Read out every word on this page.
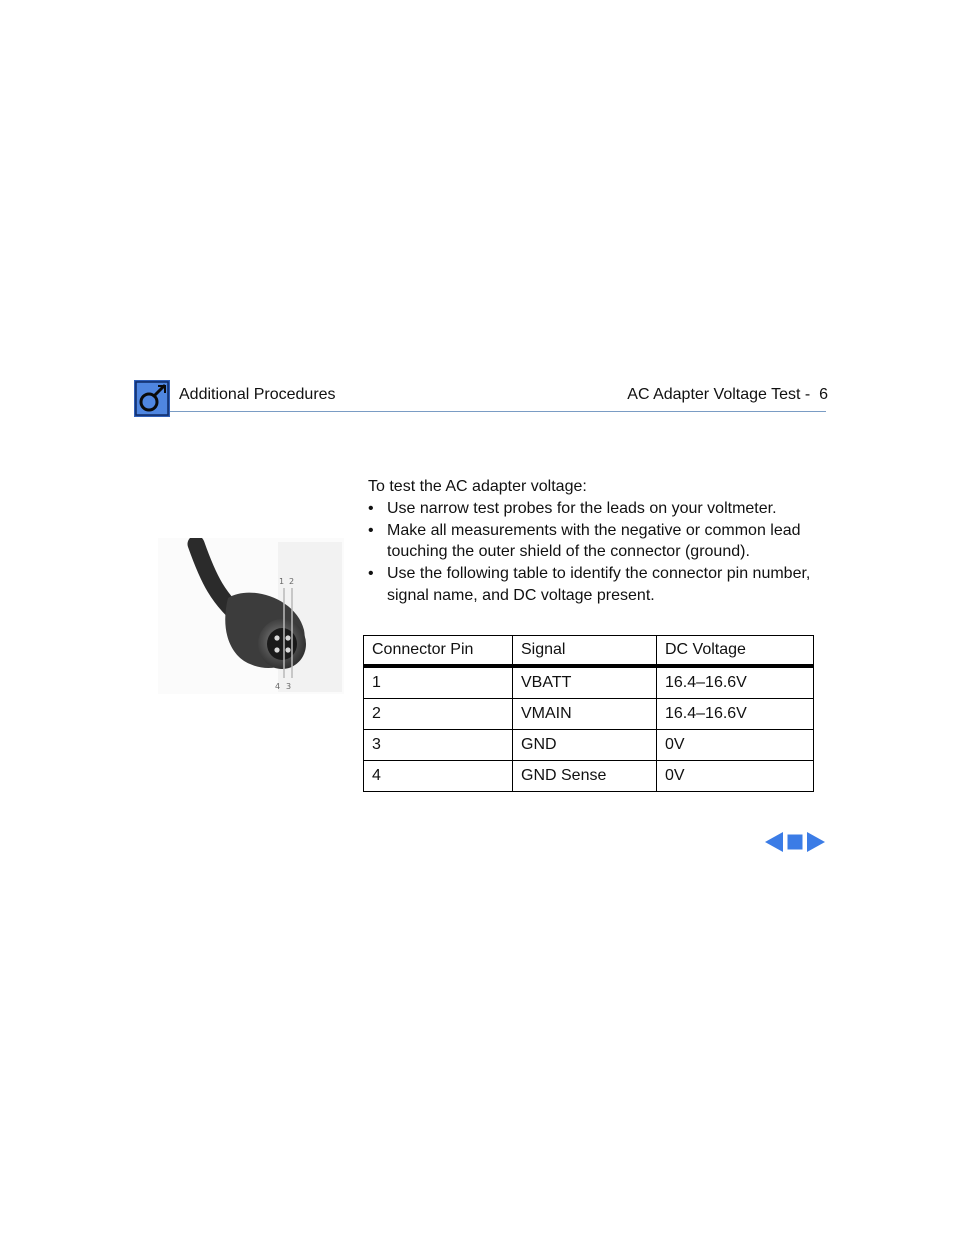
Additional Procedures	AC Adapter Voltage Test -  6
1 2
4 3

To test the AC adapter voltage:

• Use narrow test probes for the leads on your voltmeter.
• Make all measurements with the negative or common lead touching the outer shield of the connector (ground).
• Use the following table to identify the connector pin number, signal name, and DC voltage present.
Connector Pin	Signal	DC Voltage
1	VBATT	16.4–16.6V
2	VMAIN	16.4–16.6V
3	GND	0V
4	GND Sense	0V
